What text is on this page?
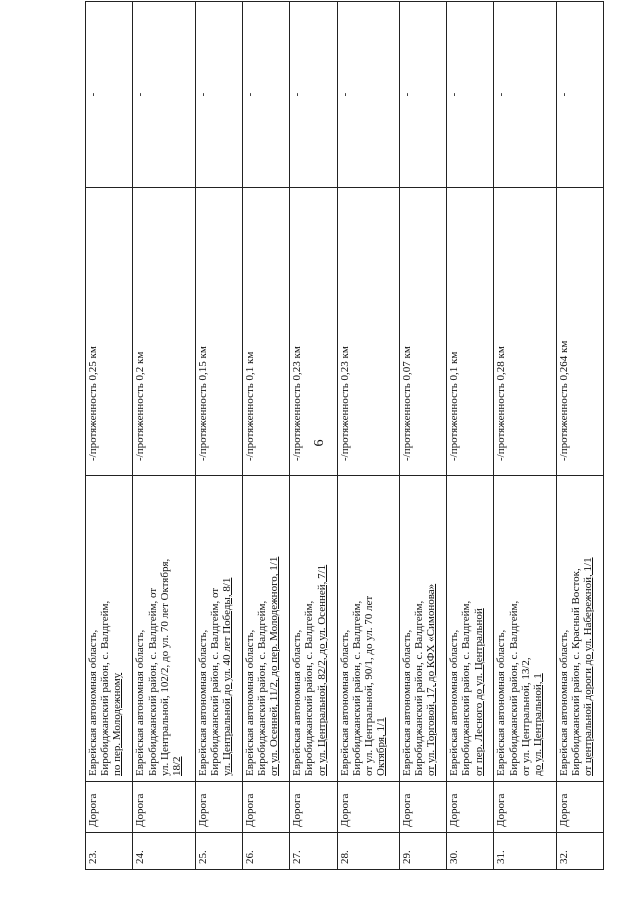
6
23.	Дорога	Еврейская автономная область, Биробиджанский район, с. Валдгейм, по пер. Молодежному	-/протяженность 0,25 км	-
24.	Дорога	Еврейская автономная область, Биробиджанский район, с. Валдгейм, от ул. Центральной, 102/2, до ул. 70 лет Октября, 18/2	-/протяженность 0,2 км	-
25.	Дорога	Еврейская автономная область, Биробиджанский район, с. Валдгейм, от ул. Центральной до ул. 40 лет Победы, 8/1	-/протяженность 0,15 км	-
26.	Дорога	Еврейская автономная область, Биробиджанский район, с. Валдгейм, от ул. Осенней, 11/2, до пер. Молодежного, 1/1	-/протяженность 0,1 км	-
27.	Дорога	Еврейская автономная область, Биробиджанский район, с. Валдгейм, от ул. Центральной, 82/2, до ул. Осенней, 7/1	-/протяженность 0,23 км	-
28.	Дорога	Еврейская автономная область, Биробиджанский район, с. Валдгейм, от ул. Центральной, 90/1, до ул. 70 лет Октября, 1/1	-/протяженность 0,23 км	-
29.	Дорога	Еврейская автономная область, Биробиджанский район, с. Валдгейм, от ул. Торговой, 17, до КФХ «Симонова»	-/протяженность 0,07 км	-
30.	Дорога	Еврейская автономная область, Биробиджанский район, с. Валдгейм, от пер. Лесного до ул. Центральной	-/протяженность 0,1 км	-
31.	Дорога	Еврейская автономная область, Биробиджанский район, с. Валдгейм, от ул. Центральной, 13/2, до ул. Центральной, 1	-/протяженность 0,28 км	-
32.	Дорога	Еврейская автономная область, Биробиджанский район, с. Красный Восток, от центральной дороги до ул. Набережной, 1/1	-/протяженность 0,264 км	-
